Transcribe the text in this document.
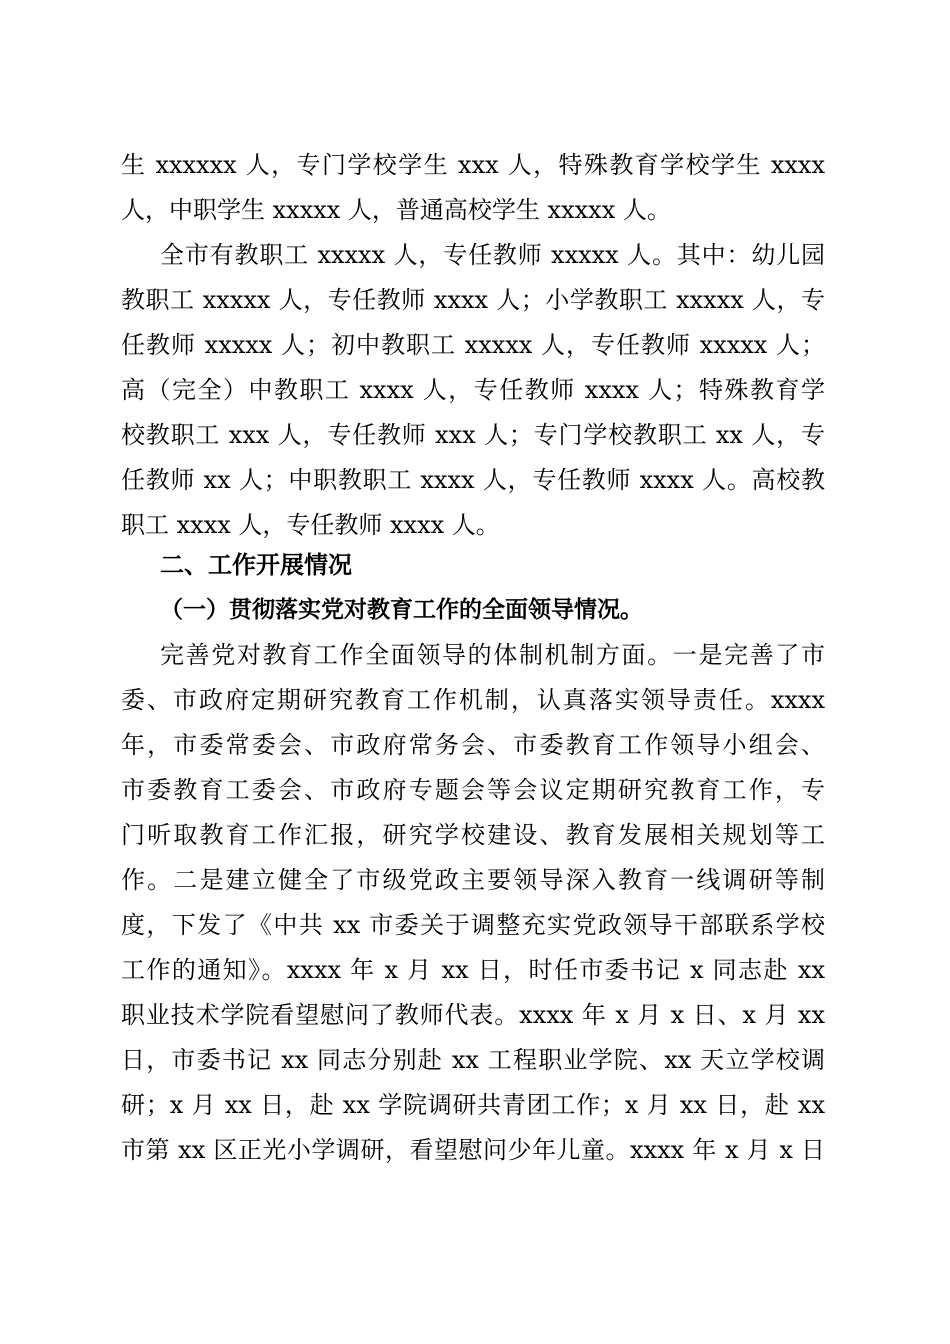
生 xxxxxx 人，专门学校学生 xxx 人，特殊教育学校学生 xxxx
人，中职学生 xxxxx 人，普通高校学生 xxxxx 人。
全市有教职工 xxxxx 人，专任教师 xxxxx 人。其中：幼儿园
教职工 xxxxx 人，专任教师 xxxx 人；小学教职工 xxxxx 人，专
任教师 xxxxx 人；初中教职工 xxxxx 人，专任教师 xxxxx 人；
高（完全）中教职工 xxxx 人，专任教师 xxxx 人；特殊教育学
校教职工 xxx 人，专任教师 xxx 人；专门学校教职工 xx 人，专
任教师 xx 人；中职教职工 xxxx 人，专任教师 xxxx 人。高校教
职工 xxxx 人，专任教师 xxxx 人。
二、工作开展情况
（一）贯彻落实党对教育工作的全面领导情况。
完善党对教育工作全面领导的体制机制方面。一是完善了市
委、市政府定期研究教育工作机制，认真落实领导责任。xxxx
年，市委常委会、市政府常务会、市委教育工作领导小组会、
市委教育工委会、市政府专题会等会议定期研究教育工作，专
门听取教育工作汇报，研究学校建设、教育发展相关规划等工
作。二是建立健全了市级党政主要领导深入教育一线调研等制
度，下发了《中共 xx 市委关于调整充实党政领导干部联系学校
工作的通知》。xxxx 年 x 月 xx 日，时任市委书记 x 同志赴 xx
职业技术学院看望慰问了教师代表。xxxx 年 x 月 x 日、x 月 xx
日，市委书记 xx 同志分别赴 xx 工程职业学院、xx 天立学校调
研；x 月 xx 日，赴 xx 学院调研共青团工作；x 月 xx 日，赴 xx
市第 xx 区正光小学调研，看望慰问少年儿童。xxxx 年 x 月 x 日
